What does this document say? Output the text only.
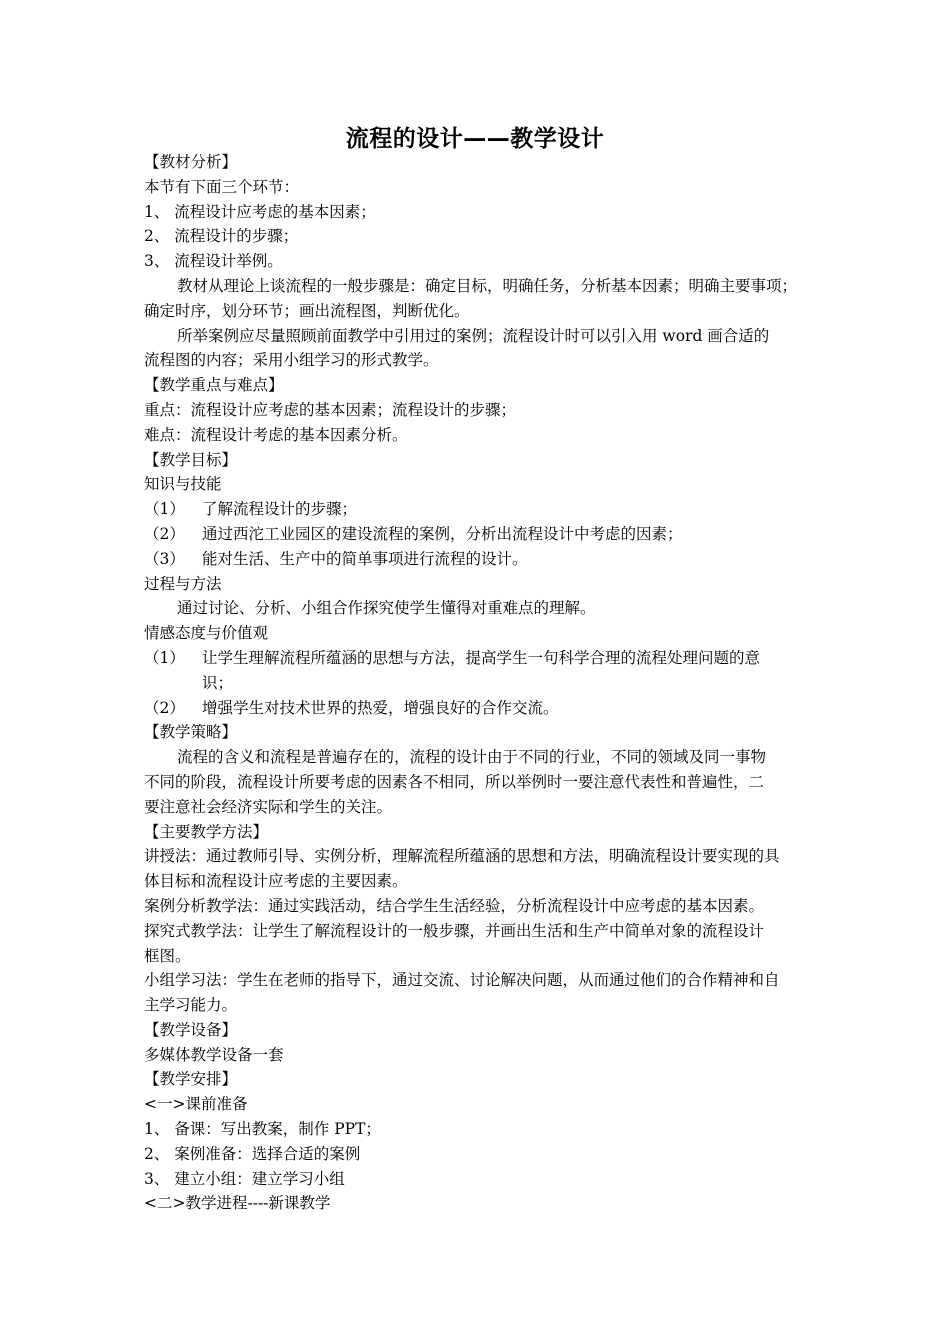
流程的设计——教学设计
【教材分析】
本节有下面三个环节：
1、 流程设计应考虑的基本因素；
2、 流程设计的步骤；
3、 流程设计举例。
教材从理论上谈流程的一般步骤是：确定目标，明确任务，分析基本因素；明确主要事项；
确定时序，划分环节；画出流程图，判断优化。
所举案例应尽量照顾前面教学中引用过的案例；流程设计时可以引入用 word 画合适的
流程图的内容；采用小组学习的形式教学。
【教学重点与难点】
重点：流程设计应考虑的基本因素；流程设计的步骤；
难点：流程设计考虑的基本因素分析。
【教学目标】
知识与技能
（1）	了解流程设计的步骤；
（2）	通过西沱工业园区的建设流程的案例，分析出流程设计中考虑的因素；
（3）	能对生活、生产中的简单事项进行流程的设计。
过程与方法
通过讨论、分析、小组合作探究使学生懂得对重难点的理解。
情感态度与价值观
（1）	让学生理解流程所蕴涵的思想与方法，提高学生一句科学合理的流程处理问题的意
识；
（2）	增强学生对技术世界的热爱，增强良好的合作交流。
【教学策略】
流程的含义和流程是普遍存在的，流程的设计由于不同的行业，不同的领域及同一事物
不同的阶段，流程设计所要考虑的因素各不相同，所以举例时一要注意代表性和普遍性，二
要注意社会经济实际和学生的关注。
【主要教学方法】
讲授法：通过教师引导、实例分析，理解流程所蕴涵的思想和方法，明确流程设计要实现的具
体目标和流程设计应考虑的主要因素。
案例分析教学法：通过实践活动，结合学生生活经验，分析流程设计中应考虑的基本因素。
探究式教学法：让学生了解流程设计的一般步骤，并画出生活和生产中简单对象的流程设计
框图。
小组学习法：学生在老师的指导下，通过交流、讨论解决问题，从而通过他们的合作精神和自
主学习能力。
【教学设备】
多媒体教学设备一套
【教学安排】
<一>课前准备
1、 备课：写出教案，制作 PPT；
2、 案例准备：选择合适的案例
3、 建立小组：建立学习小组
<二>教学进程----新课教学
